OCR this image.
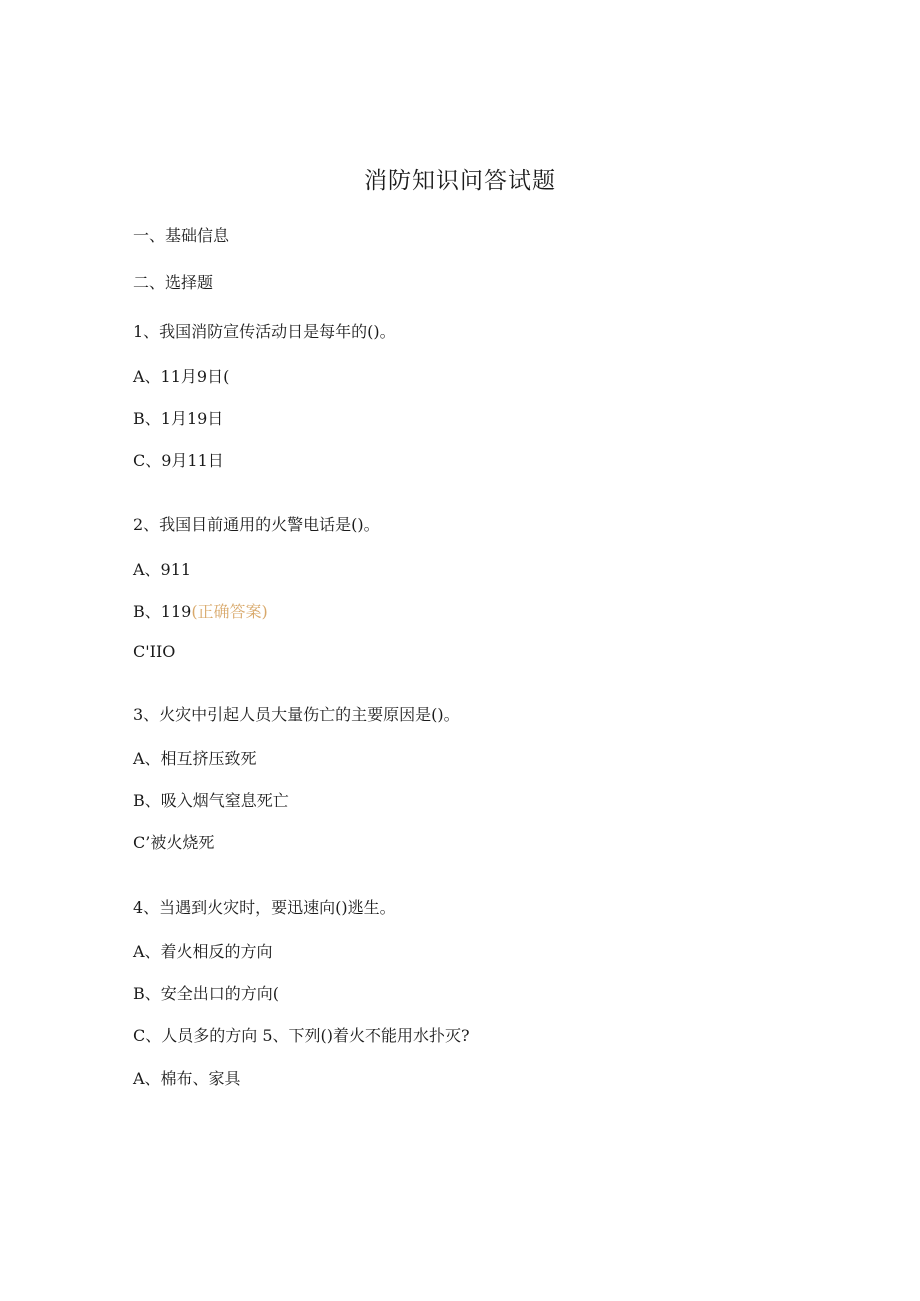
消防知识问答试题
一、基础信息
二、选择题
1、我国消防宣传活动日是每年的()。
A、11月9日(
B、1月19日
C、9月11日
2、我国目前通用的火警电话是()。
A、911
B、119(正确答案)
C'IIO
3、火灾中引起人员大量伤亡的主要原因是()。
A、相互挤压致死
B、吸入烟气窒息死亡
C’被火烧死
4、当遇到火灾时，要迅速向()逃生。
A、着火相反的方向
B、安全出口的方向(
C、人员多的方向 5、下列()着火不能用水扑灭?
A、棉布、家具
